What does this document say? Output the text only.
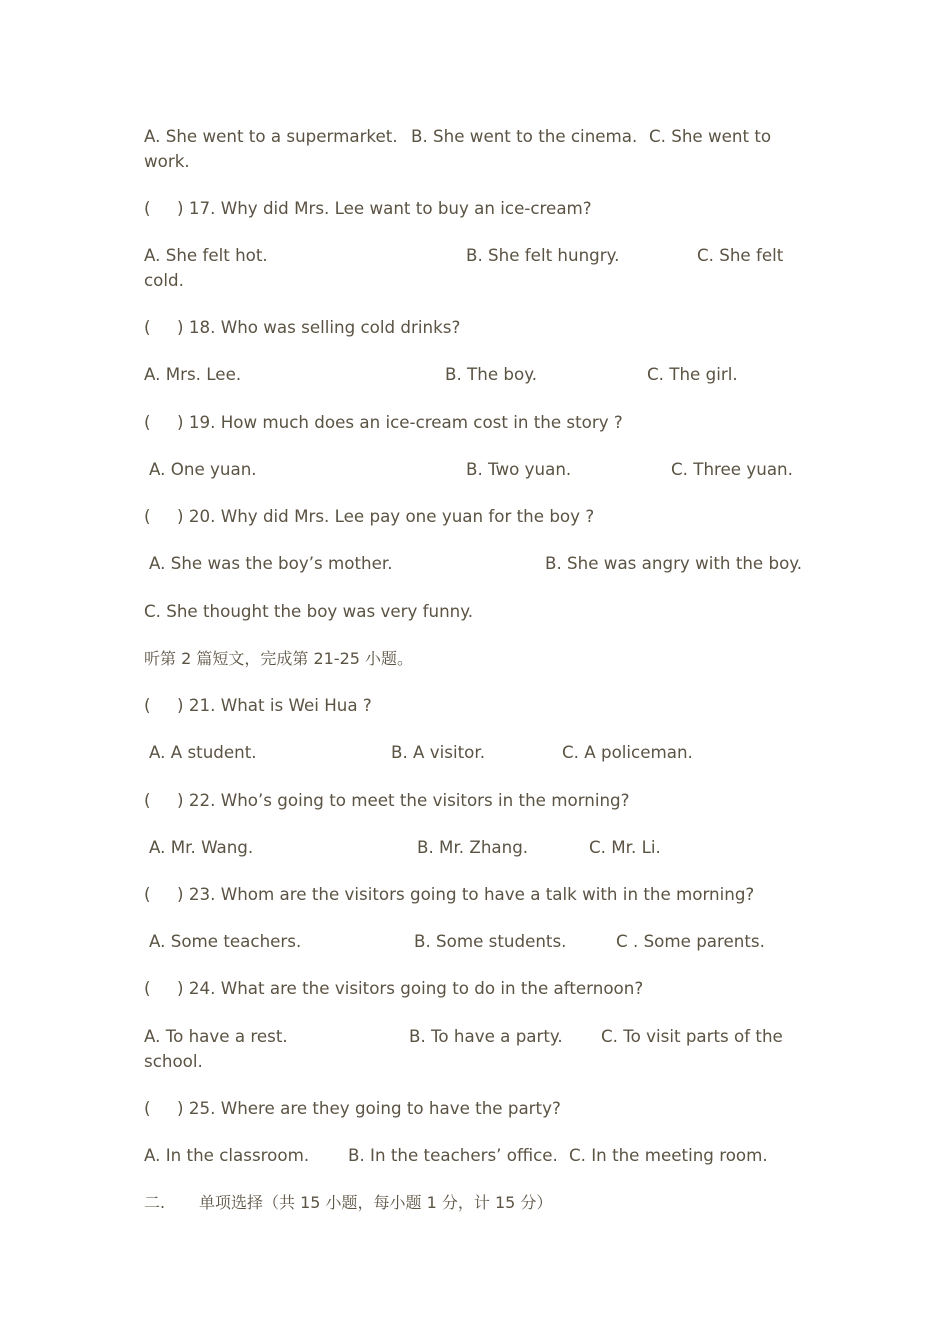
A. She went to a supermarket. B. She went to the cinema. C. She went to work.
(     ) 17. Why did Mrs. Lee want to buy an ice-cream?
A. She felt hot.	B. She felt hungry.	C. She felt cold.
(     ) 18. Who was selling cold drinks?
A. Mrs. Lee.	B. The boy.	C. The girl.
(     ) 19. How much does an ice-cream cost in the story ?
A. One yuan.	B. Two yuan.	C. Three yuan.
(     ) 20. Why did Mrs. Lee pay one yuan for the boy ?
A. She was the boy’s mother.	B. She was angry with the boy.
C. She thought the boy was very funny.
听第 2 篇短文，完成第 21-25 小题。
(     ) 21. What is Wei Hua ?
A. A student.	B. A visitor.	C. A policeman.
(     ) 22. Who’s going to meet the visitors in the morning?
A. Mr. Wang.	B. Mr. Zhang.	C. Mr. Li.
(     ) 23. Whom are the visitors going to have a talk with in the morning?
A. Some teachers.	B. Some students.	C . Some parents.
(     ) 24. What are the visitors going to do in the afternoon?
A. To have a rest.	B. To have a party. C. To visit parts of the school.
(     ) 25. Where are they going to have the party?
A. In the classroom. B. In the teachers’ office. C. In the meeting room.
二. 单项选择（共 15 小题，每小题 1 分，计 15 分）
